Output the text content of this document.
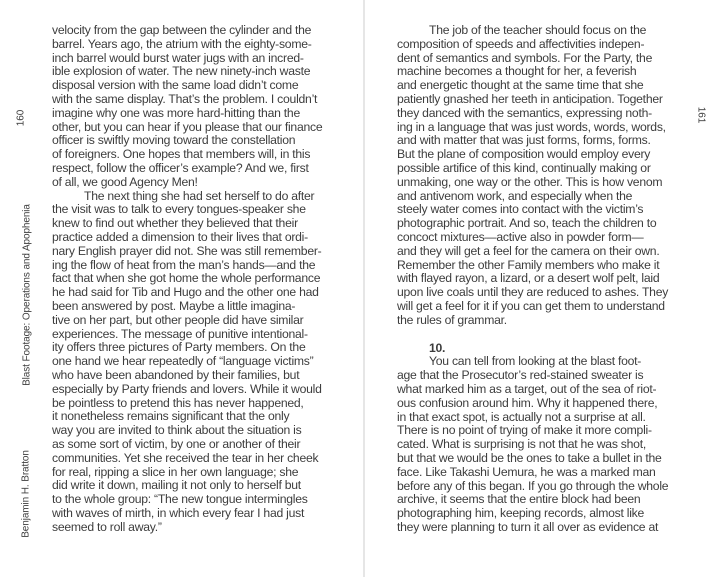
160
Blast Footage: Operations and Apophenia
Benjamin H. Bratton
161
velocity from the gap between the cylinder and the
barrel. Years ago, the atrium with the eighty-some-
inch barrel would burst water jugs with an incred-
ible explosion of water. The new ninety-inch waste
disposal version with the same load didn’t come
with the same display. That’s the problem. I couldn’t
imagine why one was more hard-hitting than the
other, but you can hear if you please that our finance
officer is swiftly moving toward the constellation
of foreigners. One hopes that members will, in this
respect, follow the officer’s example? And we, first
of all, we good Agency Men!
The next thing she had set herself to do after
the visit was to talk to every tongues-speaker she
knew to find out whether they believed that their
practice added a dimension to their lives that ordi-
nary English prayer did not. She was still remember-
ing the flow of heat from the man’s hands—and the
fact that when she got home the whole performance
he had said for Tib and Hugo and the other one had
been answered by post. Maybe a little imagina-
tive on her part, but other people did have similar
experiences. The message of punitive intentional-
ity offers three pictures of Party members. On the
one hand we hear repeatedly of “language victims”
who have been abandoned by their families, but
especially by Party friends and lovers. While it would
be pointless to pretend this has never happened,
it nonetheless remains significant that the only
way you are invited to think about the situation is
as some sort of victim, by one or another of their
communities. Yet she received the tear in her cheek
for real, ripping a slice in her own language; she
did write it down, mailing it not only to herself but
to the whole group: “The new tongue intermingles
with waves of mirth, in which every fear I had just
seemed to roll away.”
The job of the teacher should focus on the
composition of speeds and affectivities indepen-
dent of semantics and symbols. For the Party, the
machine becomes a thought for her, a feverish
and energetic thought at the same time that she
patiently gnashed her teeth in anticipation. Together
they danced with the semantics, expressing noth-
ing in a language that was just words, words, words,
and with matter that was just forms, forms, forms.
But the plane of composition would employ every
possible artifice of this kind, continually making or
unmaking, one way or the other. This is how venom
and antivenom work, and especially when the
steely water comes into contact with the victim’s
photographic portrait. And so, teach the children to
concoct mixtures—active also in powder form—
and they will get a feel for the camera on their own.
Remember the other Family members who make it
with flayed rayon, a lizard, or a desert wolf pelt, laid
upon live coals until they are reduced to ashes. They
will get a feel for it if you can get them to understand
the rules of grammar.
10.
You can tell from looking at the blast foot-
age that the Prosecutor’s red-stained sweater is
what marked him as a target, out of the sea of riot-
ous confusion around him. Why it happened there,
in that exact spot, is actually not a surprise at all.
There is no point of trying of make it more compli-
cated. What is surprising is not that he was shot,
but that we would be the ones to take a bullet in the
face. Like Takashi Uemura, he was a marked man
before any of this began. If you go through the whole
archive, it seems that the entire block had been
photographing him, keeping records, almost like
they were planning to turn it all over as evidence at
